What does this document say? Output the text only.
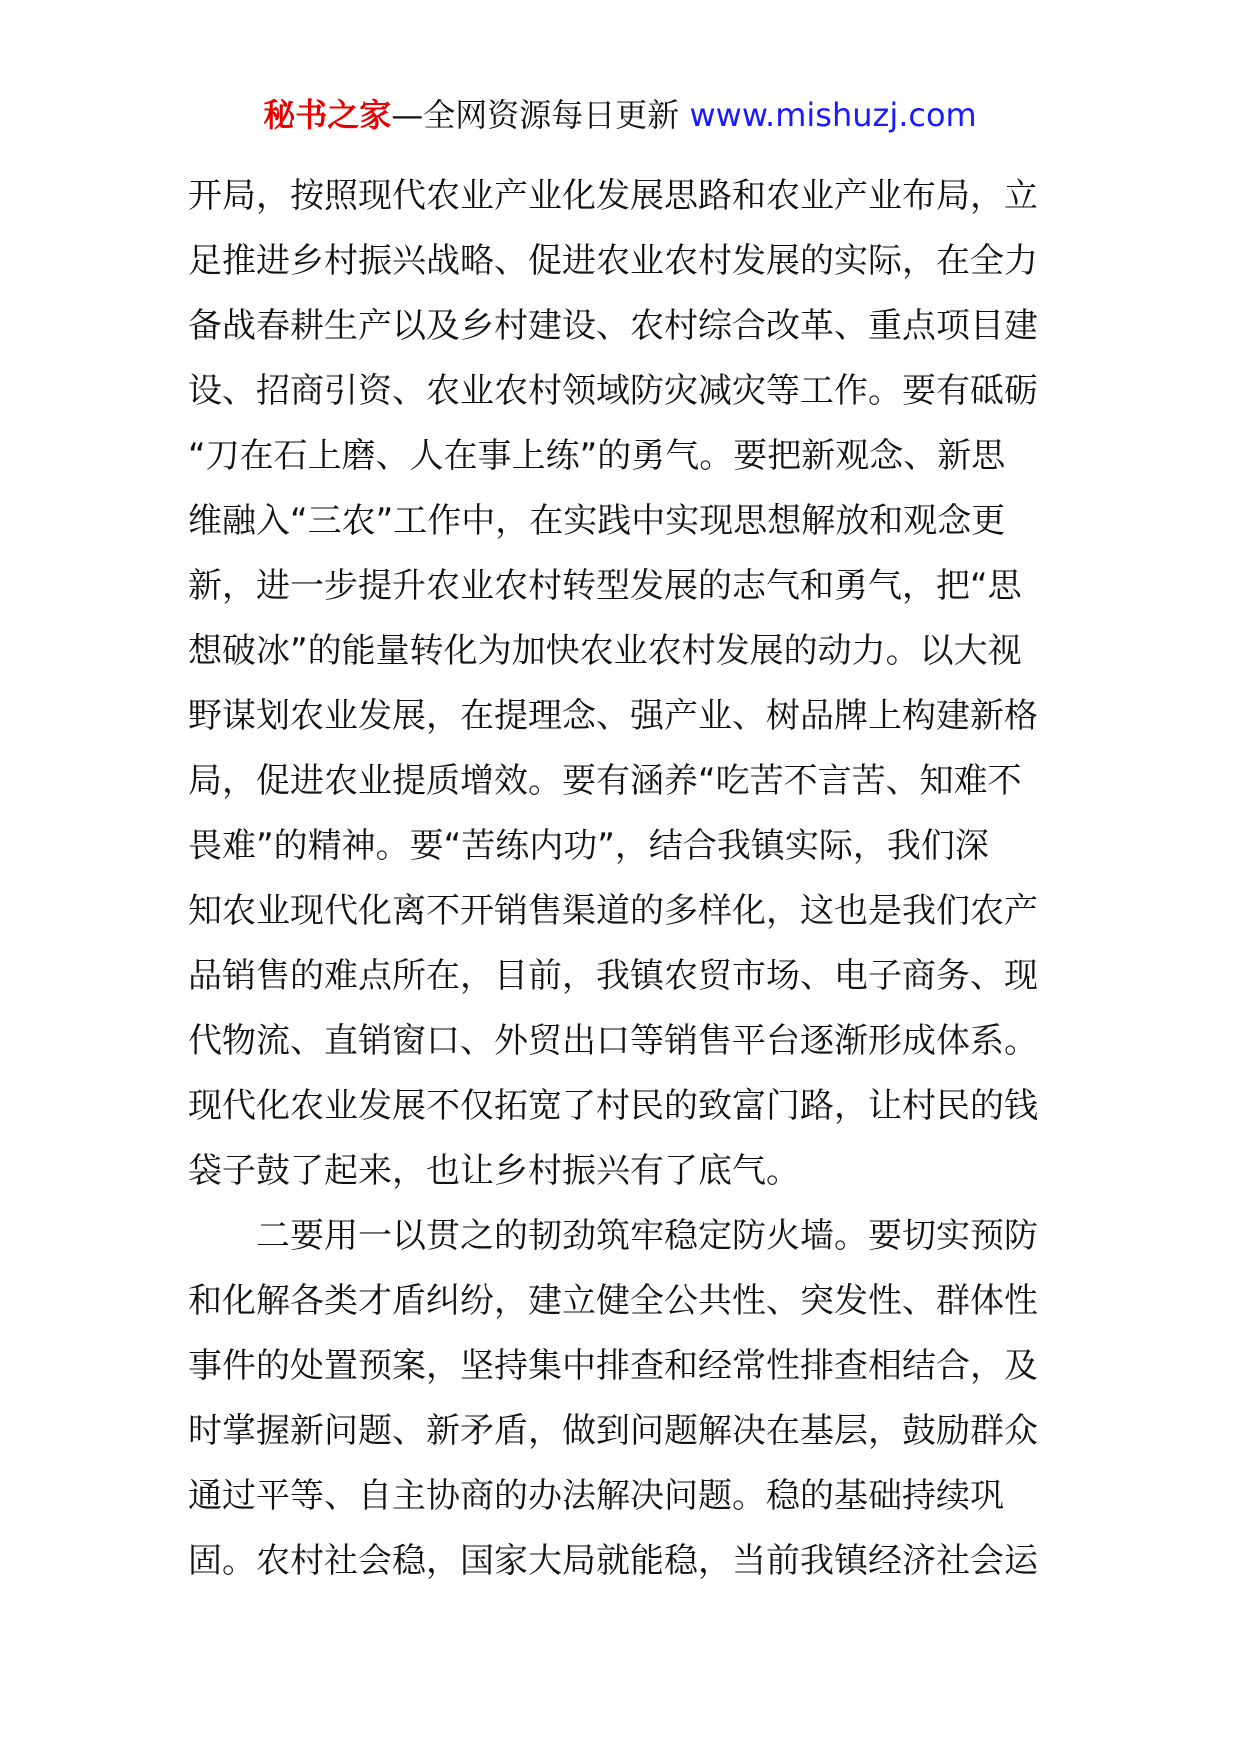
秘书之家—全网资源每日更新 www.mishuzj.com
开局，按照现代农业产业化发展思路和农业产业布局，立
足推进乡村振兴战略、促进农业农村发展的实际，在全力
备战春耕生产以及乡村建设、农村综合改革、重点项目建
设、招商引资、农业农村领域防灾减灾等工作。要有砥砺
“刀在石上磨、人在事上练”的勇气。要把新观念、新思
维融入“三农”工作中，在实践中实现思想解放和观念更
新，进一步提升农业农村转型发展的志气和勇气，把“思
想破冰”的能量转化为加快农业农村发展的动力。以大视
野谋划农业发展，在提理念、强产业、树品牌上构建新格
局，促进农业提质增效。要有涵养“吃苦不言苦、知难不
畏难”的精神。要“苦练内功”，结合我镇实际，我们深
知农业现代化离不开销售渠道的多样化，这也是我们农产
品销售的难点所在，目前，我镇农贸市场、电子商务、现
代物流、直销窗口、外贸出口等销售平台逐渐形成体系。
现代化农业发展不仅拓宽了村民的致富门路，让村民的钱
袋子鼓了起来，也让乡村振兴有了底气。
二要用一以贯之的韧劲筑牢稳定防火墙。要切实预防
和化解各类才盾纠纷，建立健全公共性、突发性、群体性
事件的处置预案，坚持集中排查和经常性排查相结合，及
时掌握新问题、新矛盾，做到问题解决在基层，鼓励群众
通过平等、自主协商的办法解决问题。稳的基础持续巩
固。农村社会稳，国家大局就能稳，当前我镇经济社会运
